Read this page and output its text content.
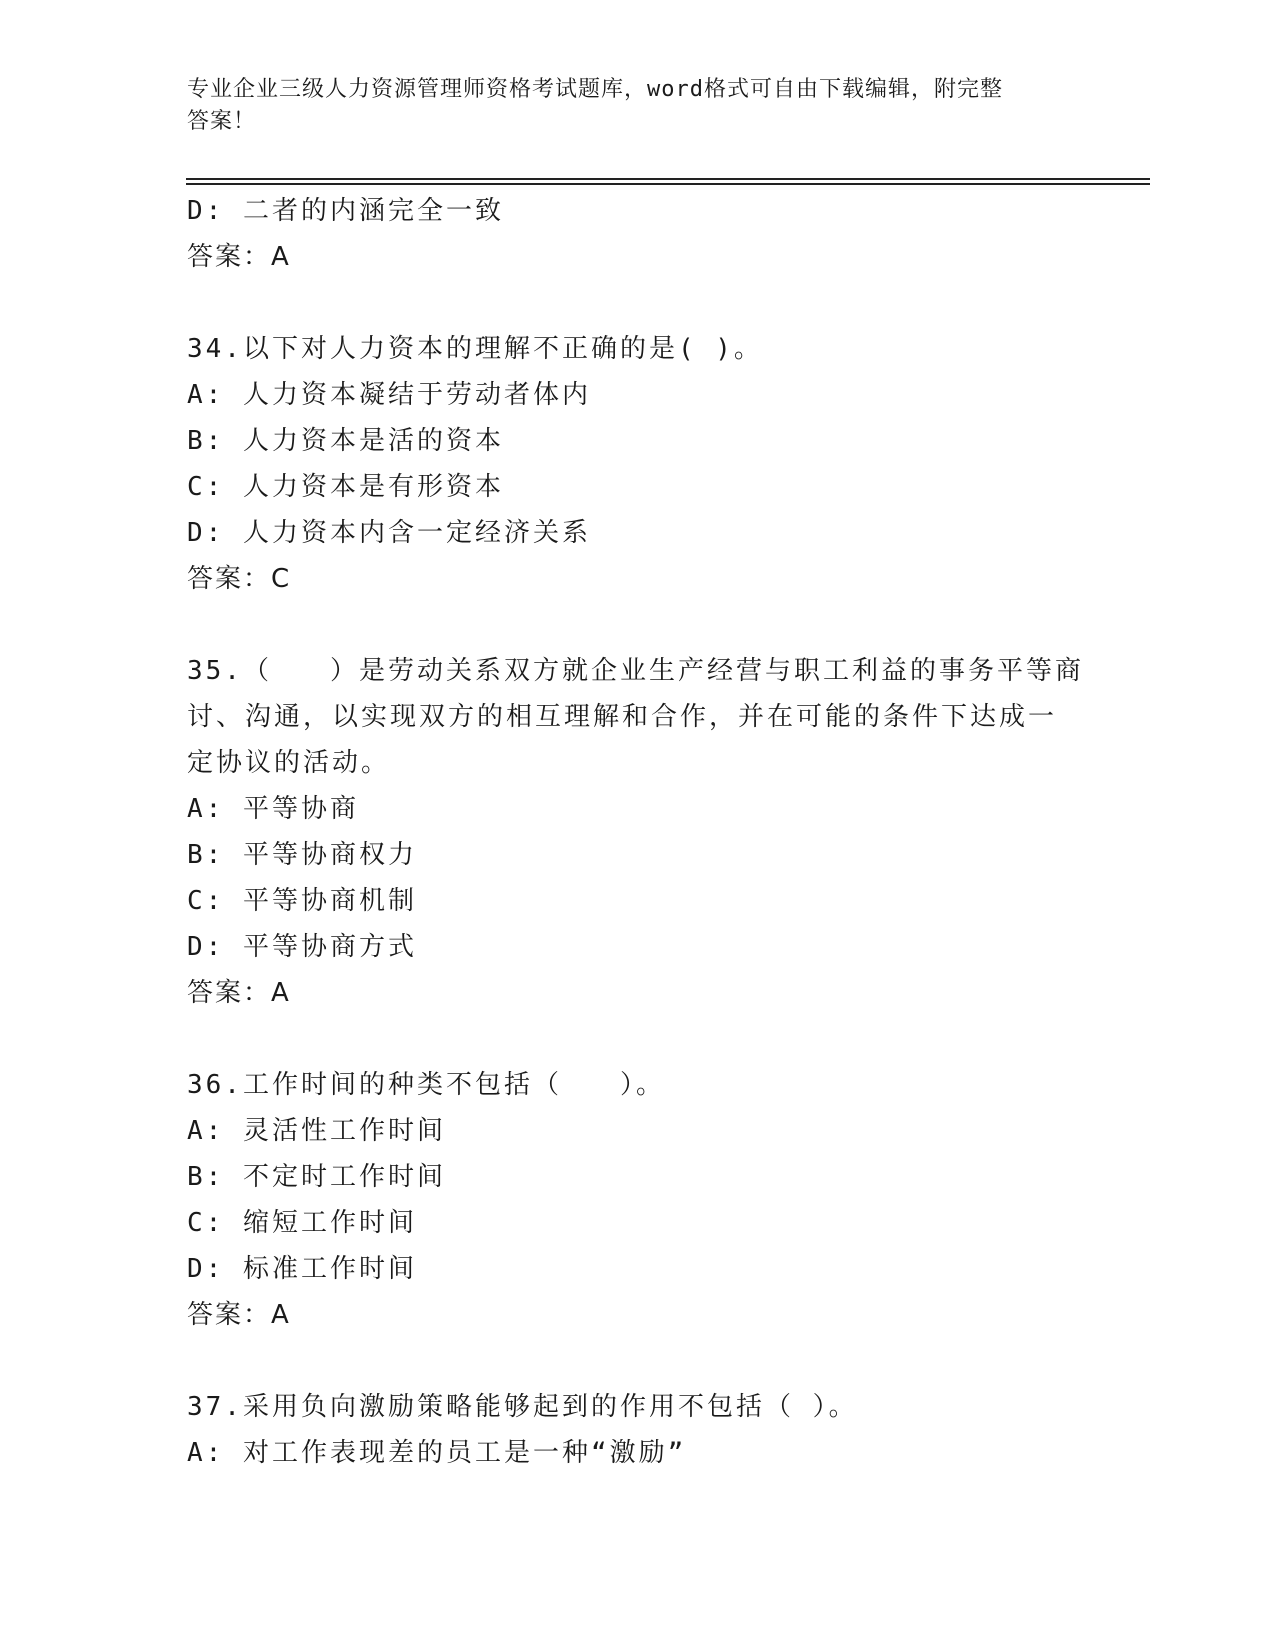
专业企业三级人力资源管理师资格考试题库，word格式可自由下载编辑，附完整
答案！
D: 二者的内涵完全一致
答案：A
34.以下对人力资本的理解不正确的是( )。
A: 人力资本凝结于劳动者体内
B: 人力资本是活的资本
C: 人力资本是有形资本
D: 人力资本内含一定经济关系
答案：C
35.（　　）是劳动关系双方就企业生产经营与职工利益的事务平等商
讨、沟通，以实现双方的相互理解和合作，并在可能的条件下达成一
定协议的活动。
A: 平等协商
B: 平等协商权力
C: 平等协商机制
D: 平等协商方式
答案：A
36.工作时间的种类不包括（　　）。
A: 灵活性工作时间
B: 不定时工作时间
C: 缩短工作时间
D: 标准工作时间
答案：A
37.采用负向激励策略能够起到的作用不包括（ ）。
A: 对工作表现差的员工是一种“激励”
